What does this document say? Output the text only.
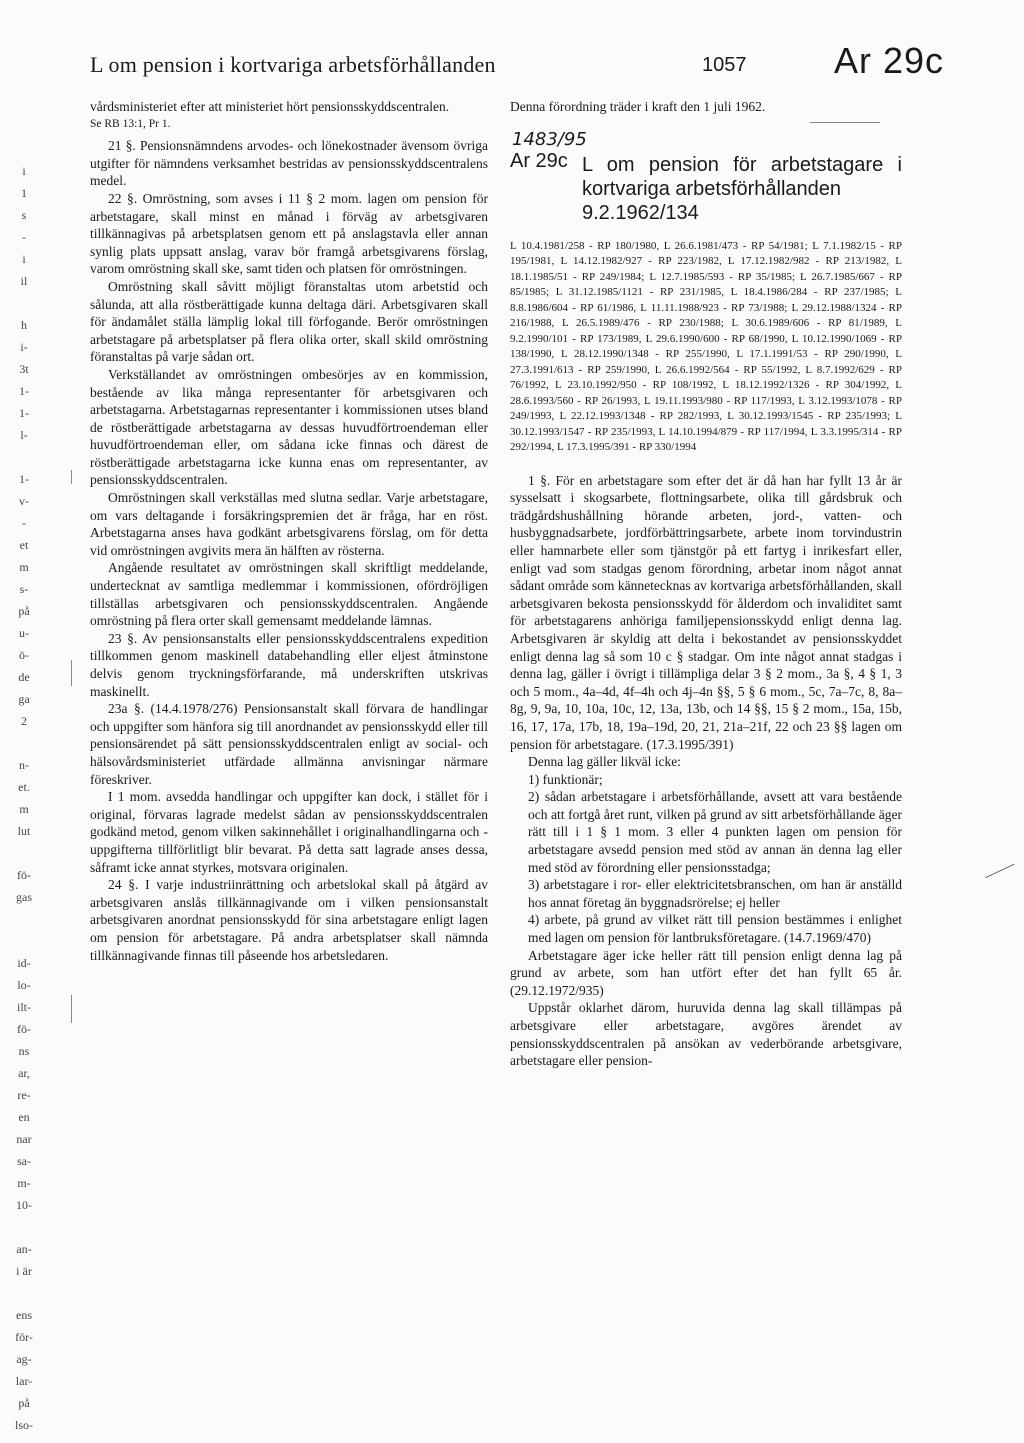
L om pension i kortvariga arbetsförhållanden	1057 Ar 29c
i
1
s
-
i
il
h
i-
3t
1-
1-
l-
1-
v-
-
et
m
s-
på
u-
ö-
de
ga
2
n-
et.
m
lut
fö-
gas
id-
lo-
ilt-
fö-
ns
ar,
re-
en
nar
sa-
m-
10-
an-
i är
ens
för-
ag-
lar-
på
lso-

vårdsministeriet efter att ministeriet hört pensionsskyddscentralen.

Se RB 13:1, Pr 1.

21 §. Pensionsnämndens arvodes- och lönekostnader ävensom övriga utgifter för nämndens verksamhet bestridas av pensionsskyddscentralens medel.

22 §. Omröstning, som avses i 11 § 2 mom. lagen om pension för arbetstagare, skall minst en månad i förväg av arbetsgivaren tillkännagivas på arbetsplatsen genom ett på anslagstavla eller annan synlig plats uppsatt anslag, varav bör framgå arbetsgivarens förslag, varom omröstning skall ske, samt tiden och platsen för omröstningen.

Omröstning skall såvitt möjligt föranstaltas utom arbetstid och sålunda, att alla röstberättigade kunna deltaga däri. Arbetsgivaren skall för ändamålet ställa lämplig lokal till förfogande. Berör omröstningen arbetstagare på arbetsplatser på flera olika orter, skall skild omröstning föranstaltas på varje sådan ort.

Verkställandet av omröstningen ombesörjes av en kommission, bestående av lika många representanter för arbetsgivaren och arbetstagarna. Arbetstagarnas representanter i kommissionen utses bland de röstberättigade arbetstagarna av dessas huvudförtroendeman eller huvudförtroendeman eller, om sådana icke finnas och därest de röstberättigade arbetstagarna icke kunna enas om representanter, av pensionsskyddscentralen.

Omröstningen skall verkställas med slutna sedlar. Varje arbetstagare, om vars deltagande i forsäkringspremien det är fråga, har en röst. Arbetstagarna anses hava godkänt arbetsgivarens förslag, om för detta vid omröstningen avgivits mera än hälften av rösterna.

Angående resultatet av omröstningen skall skriftligt meddelande, undertecknat av samtliga medlemmar i kommissionen, ofördröjligen tillställas arbetsgivaren och pensionsskyddscentralen. Angående omröstning på flera orter skall gemensamt meddelande lämnas.

23 §. Av pensionsanstalts eller pensionsskyddscentralens expedition tillkommen genom maskinell databehandling eller eljest åtminstone delvis genom tryckningsförfarande, må underskriften utskrivas maskinellt.

23a §. (14.4.1978/276) Pensionsanstalt skall förvara de handlingar och uppgifter som hänfora sig till anordnandet av pensionsskydd eller till pensionsärendet på sätt pensionsskyddscentralen enligt av social- och hälsovårdsministeriet utfärdade allmänna anvisningar närmare föreskriver.

I 1 mom. avsedda handlingar och uppgifter kan dock, i stället för i original, förvaras lagrade medelst sådan av pensionsskyddscentralen godkänd metod, genom vilken sakinnehållet i originalhandlingarna och -uppgifterna tillförlitligt blir bevarat. På detta satt lagrade anses dessa, såframt icke annat styrkes, motsvara originalen.

24 §. I varje industriinrättning och arbetslokal skall på åtgärd av arbetsgivaren anslås tillkännagivande om i vilken pensionsanstalt arbetsgivaren anordnat pensionsskydd för sina arbetstagare enligt lagen om pension för arbetstagare. På andra arbetsplatser skall nämnda tillkännagivande finnas till påseende hos arbetsledaren.

Denna förordning träder i kraft den 1 juli 1962.

1483/95
Ar 29c L om pension för arbetstagare i kortvariga arbetsförhållanden
9.2.1962/134
L 10.4.1981/258 - RP 180/1980, L 26.6.1981/473 - RP 54/1981; L 7.1.1982/15 - RP 195/1981, L 14.12.1982/927 - RP 223/1982, L 17.12.1982/982 - RP 213/1982, L 18.1.1985/51 - RP 249/1984; L 12.7.1985/593 - RP 35/1985; L 26.7.1985/667 - RP 85/1985; L 31.12.1985/1121 - RP 231/1985, L 18.4.1986/284 - RP 237/1985; L 8.8.1986/604 - RP 61/1986, L 11.11.1988/923 - RP 73/1988; L 29.12.1988/1324 - RP 216/1988, L 26.5.1989/476 - RP 230/1988; L 30.6.1989/606 - RP 81/1989, L 9.2.1990/101 - RP 173/1989, L 29.6.1990/600 - RP 68/1990, L 10.12.1990/1069 - RP 138/1990, L 28.12.1990/1348 - RP 255/1990, L 17.1.1991/53 - RP 290/1990, L 27.3.1991/613 - RP 259/1990, L 26.6.1992/564 - RP 55/1992, L 8.7.1992/629 - RP 76/1992, L 23.10.1992/950 - RP 108/1992, L 18.12.1992/1326 - RP 304/1992, L 28.6.1993/560 - RP 26/1993, L 19.11.1993/980 - RP 117/1993, L 3.12.1993/1078 - RP 249/1993, L 22.12.1993/1348 - RP 282/1993, L 30.12.1993/1545 - RP 235/1993; L 30.12.1993/1547 - RP 235/1993, L 14.10.1994/879 - RP 117/1994, L 3.3.1995/314 - RP 292/1994, L 17.3.1995/391 - RP 330/1994

1 §. För en arbetstagare som efter det är då han har fyllt 13 år är sysselsatt i skogsarbete, flottningsarbete, olika till gårdsbruk och trädgårdshushållning hörande arbeten, jord-, vatten- och husbyggnadsarbete, jordförbättringsarbete, arbete inom torvindustrin eller hamnarbete eller som tjänstgör på ett fartyg i inrikesfart eller, enligt vad som stadgas genom förordning, arbetar inom något annat sådant område som kännetecknas av kortvariga arbetsförhållanden, skall arbetsgivaren bekosta pensionsskydd för ålderdom och invaliditet samt för arbetstagarens anhöriga familjepensionsskydd enligt denna lag. Arbetsgivaren är skyldig att delta i bekostandet av pensionsskyddet enligt denna lag så som 10 c § stadgar. Om inte något annat stadgas i denna lag, gäller i övrigt i tillämpliga delar 3 § 2 mom., 3a §, 4 § 1, 3 och 5 mom., 4a–4d, 4f–4h och 4j–4n §§, 5 § 6 mom., 5c, 7a–7c, 8, 8a–8g, 9, 9a, 10, 10a, 10c, 12, 13a, 13b, och 14 §§, 15 § 2 mom., 15a, 15b, 16, 17, 17a, 17b, 18, 19a–19d, 20, 21, 21a–21f, 22 och 23 §§ lagen om pension för arbetstagare. (17.3.1995/391)

Denna lag gäller likväl icke:

1) funktionär;

2) sådan arbetstagare i arbetsförhållande, avsett att vara bestående och att fortgå året runt, vilken på grund av sitt arbetsförhållande äger rätt till i 1 § 1 mom. 3 eller 4 punkten lagen om pension för arbetstagare avsedd pension med stöd av annan än denna lag eller med stöd av förordning eller pensionsstadga;

3) arbetstagare i ror- eller elektricitetsbranschen, om han är anställd hos annat företag än byggnadsrörelse; ej heller

4) arbete, på grund av vilket rätt till pension bestämmes i enlighet med lagen om pension för lantbruksföretagare. (14.7.1969/470)

Arbetstagare äger icke heller rätt till pension enligt denna lag på grund av arbete, som han utfört efter det han fyllt 65 år. (29.12.1972/935)

Uppstår oklarhet därom, huruvida denna lag skall tillämpas på arbetsgivare eller arbetstagare, avgöres ärendet av pensionsskyddscentralen på ansökan av vederbörande arbetsgivare, arbetstagare eller pension-
